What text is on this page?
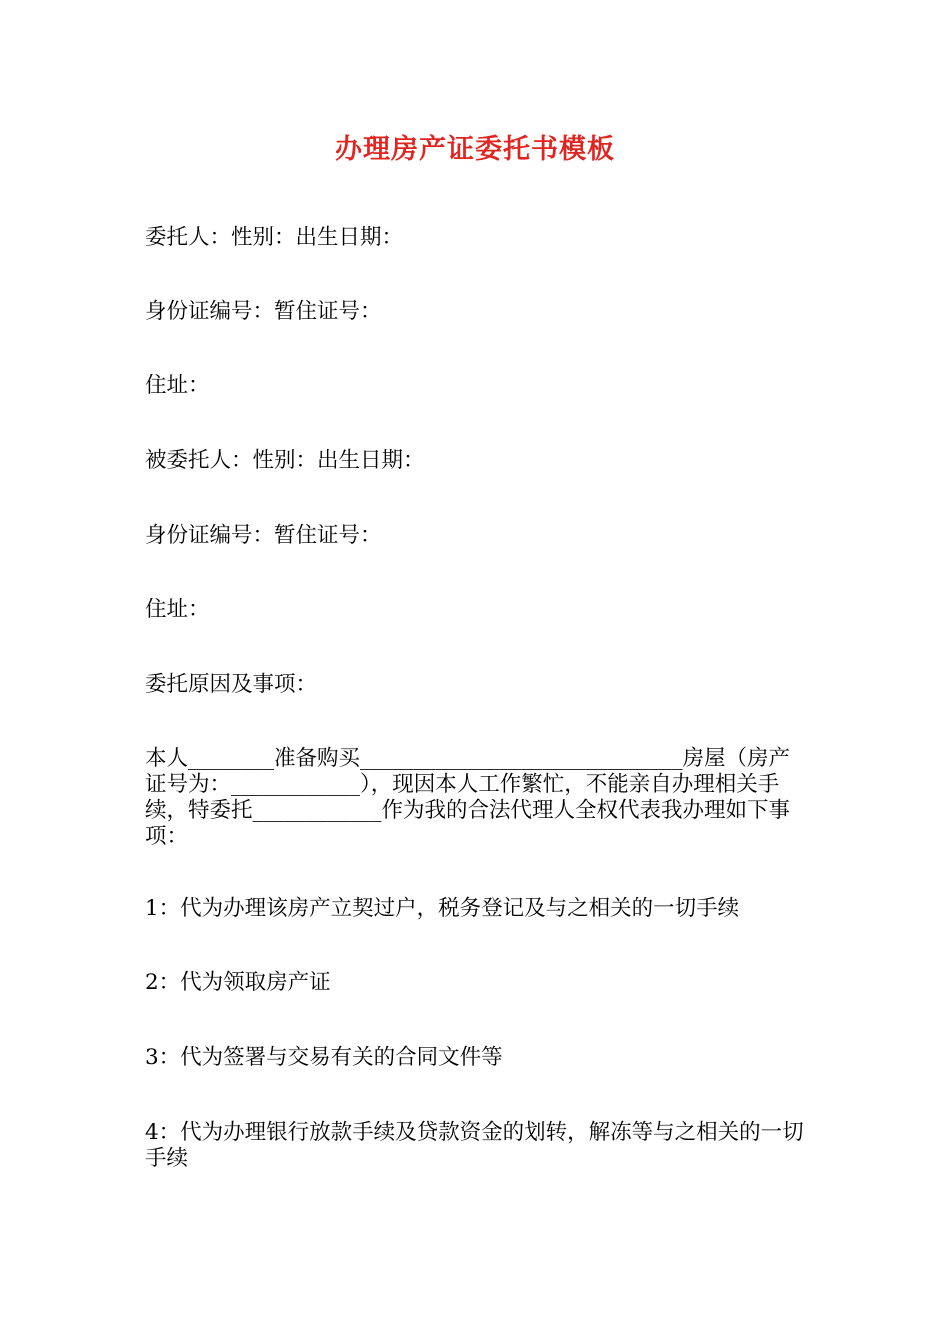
办理房产证委托书模板
委托人：性别：出生日期：
身份证编号：暂住证号：
住址：
被委托人：性别：出生日期：
身份证编号：暂住证号：
住址：
委托原因及事项：
本人________准备购买______________________________房屋（房产证号为：____________），现因本人工作繁忙，不能亲自办理相关手续，特委托____________作为我的合法代理人全权代表我办理如下事项：
1：代为办理该房产立契过户，税务登记及与之相关的一切手续
2：代为领取房产证
3：代为签署与交易有关的合同文件等
4：代为办理银行放款手续及贷款资金的划转，解冻等与之相关的一切手续
